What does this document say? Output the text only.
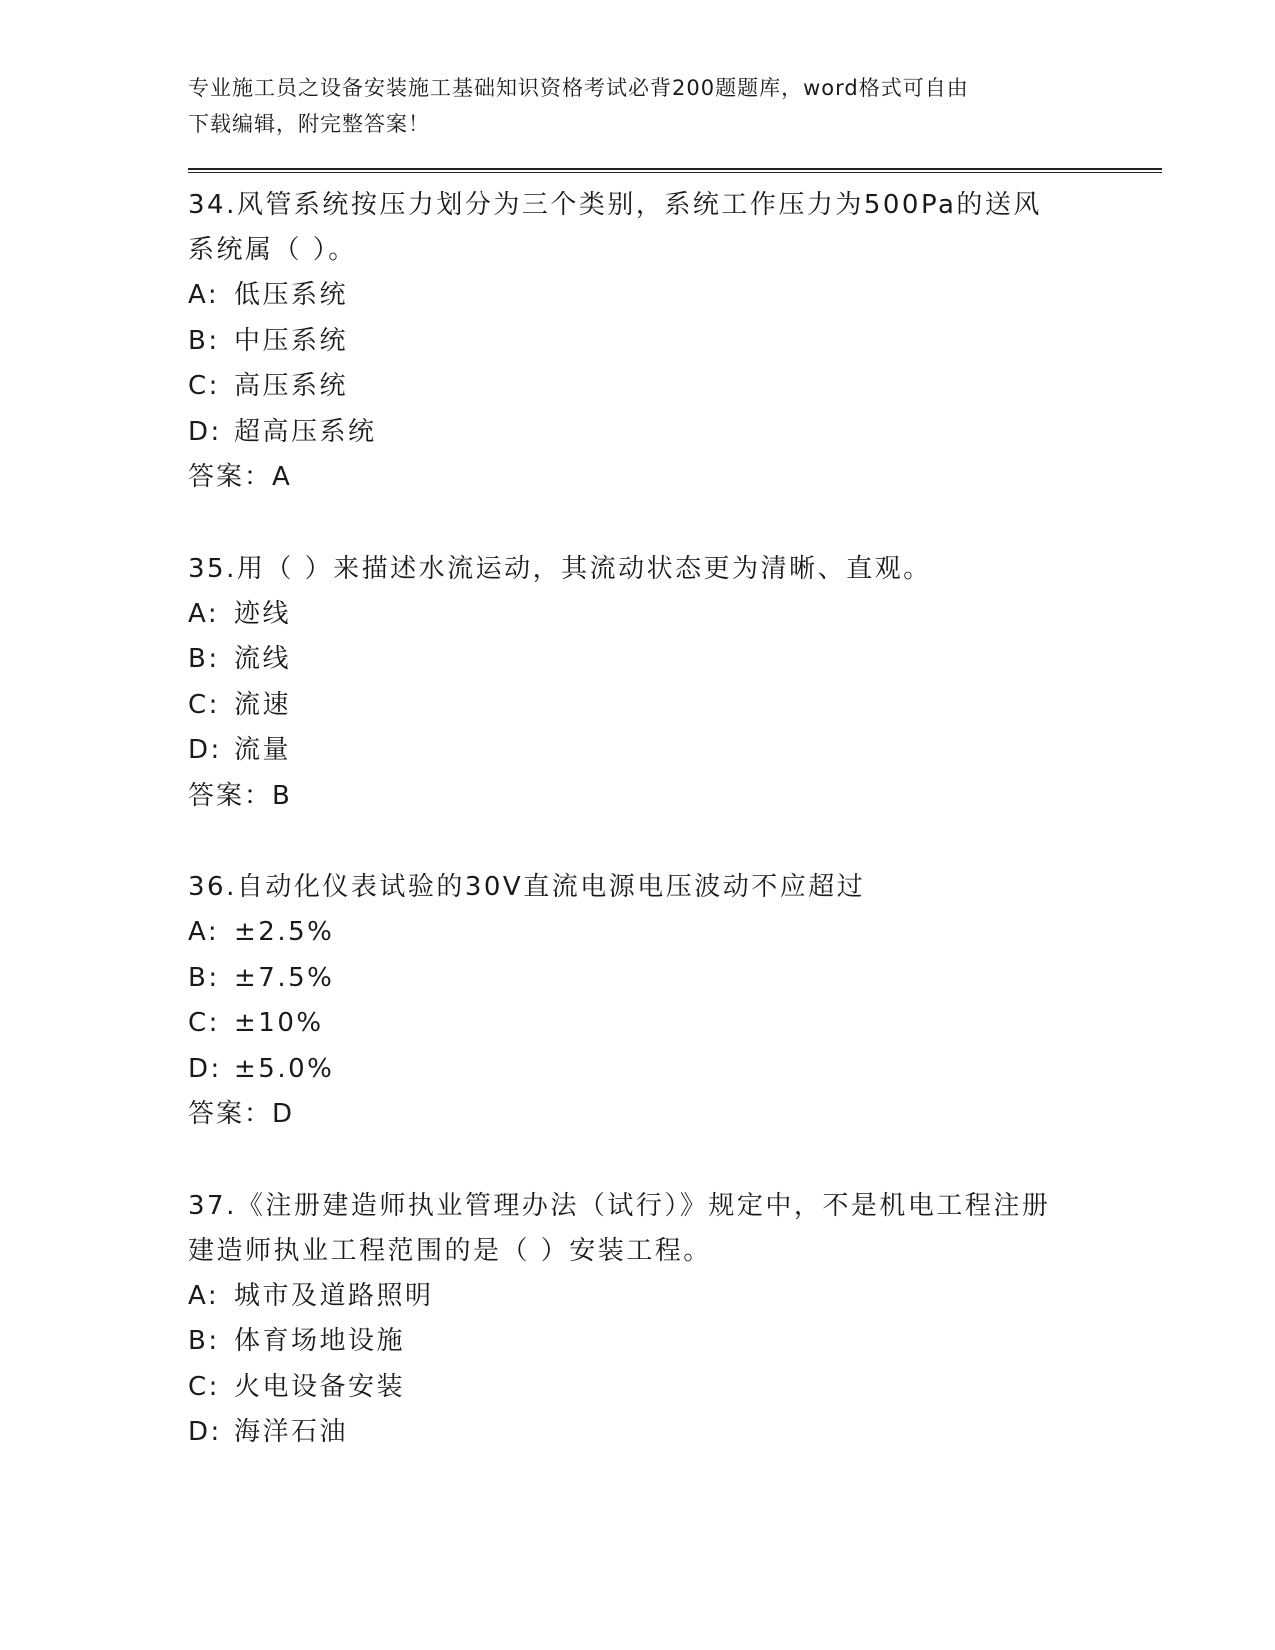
专业施工员之设备安装施工基础知识资格考试必背200题题库，word格式可自由
下载编辑，附完整答案！
34.风管系统按压力划分为三个类别，系统工作压力为500Pa的送风系统属（ ）。
A: 低压系统
B: 中压系统
C: 高压系统
D: 超高压系统
答案：A
35.用（ ）来描述水流运动，其流动状态更为清晰、直观。
A: 迹线
B: 流线
C: 流速
D: 流量
答案：B
36.自动化仪表试验的30V直流电源电压波动不应超过
A: ±2.5%
B: ±7.5%
C: ±10%
D: ±5.0%
答案：D
37.《注册建造师执业管理办法（试行）》规定中，不是机电工程注册建造师执业工程范围的是（ ）安装工程。
A: 城市及道路照明
B: 体育场地设施
C: 火电设备安装
D: 海洋石油
